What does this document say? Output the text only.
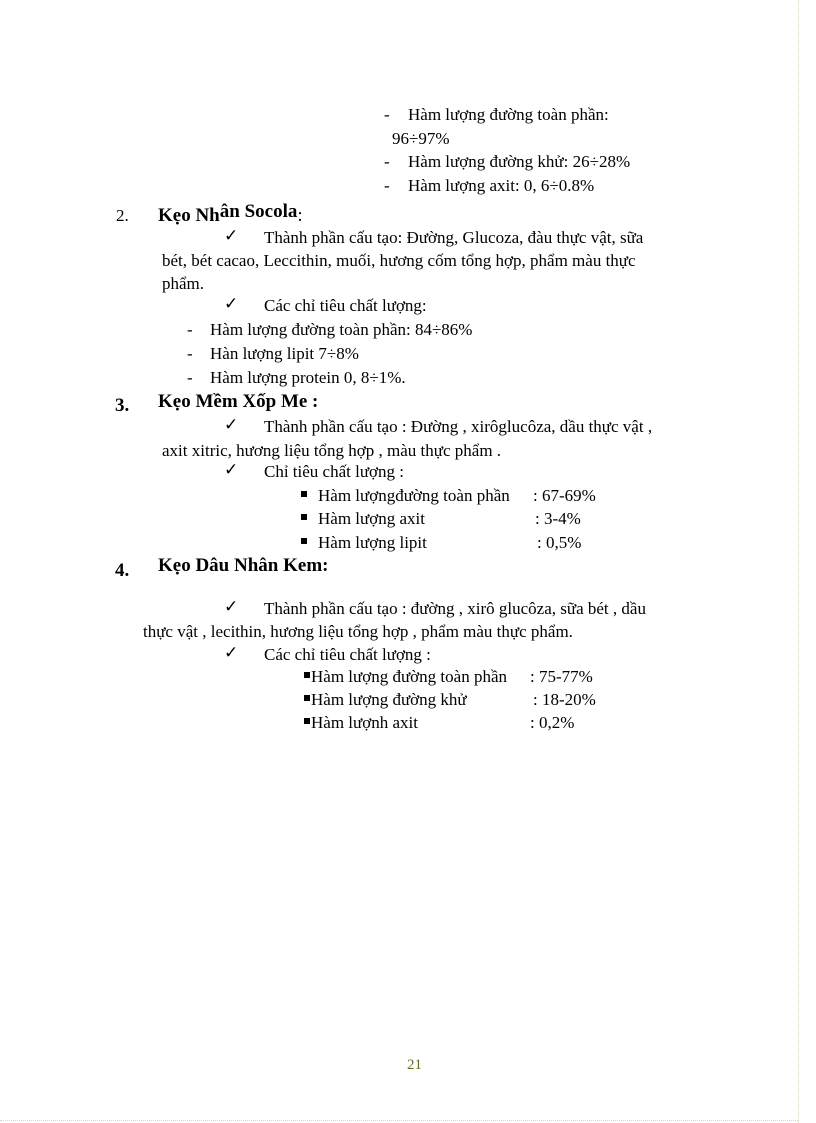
- Hàm lượng đường toàn phần:
96÷97%
- Hàm lượng đường khử: 26÷28%
- Hàm lượng axit: 0, 6÷0.8%
2. Kẹo Nhân Socola:
✓ Thành phần cấu tạo: Đường, Glucoza, đàu thực vật, sữa
bét, bét cacao, Leccithin, muối, hương cốm tổng hợp, phẩm màu thực
phẩm.
✓ Các chỉ tiêu chất lượng:
- Hàm lượng đường toàn phần: 84÷86%
- Hàn lượng lipit 7÷8%
- Hàm lượng protein 0, 8÷1%.
3. Kẹo Mềm Xốp Me :
✓ Thành phần cấu tạo : Đường , xirôglucôza, dầu thực vật ,
axit xitric, hương liệu tổng hợp , màu thực phẩm .
✓ Chỉ tiêu chất lượng :
Hàm lượngđường toàn phần : 67-69%
Hàm lượng axit	: 3-4%
Hàm lượng lipit	: 0,5%
4. Kẹo Dâu Nhân Kem:
✓ Thành phần cấu tạo : đường , xirô glucôza, sữa bét , dầu
thực vật , lecithin, hương liệu tổng hợp , phẩm màu thực phẩm.
✓ Các chỉ tiêu chất lượng :
Hàm lượng đường toàn phần : 75-77%
Hàm lượng đường khử	: 18-20%
Hàm lượnh axit	: 0,2%
21
